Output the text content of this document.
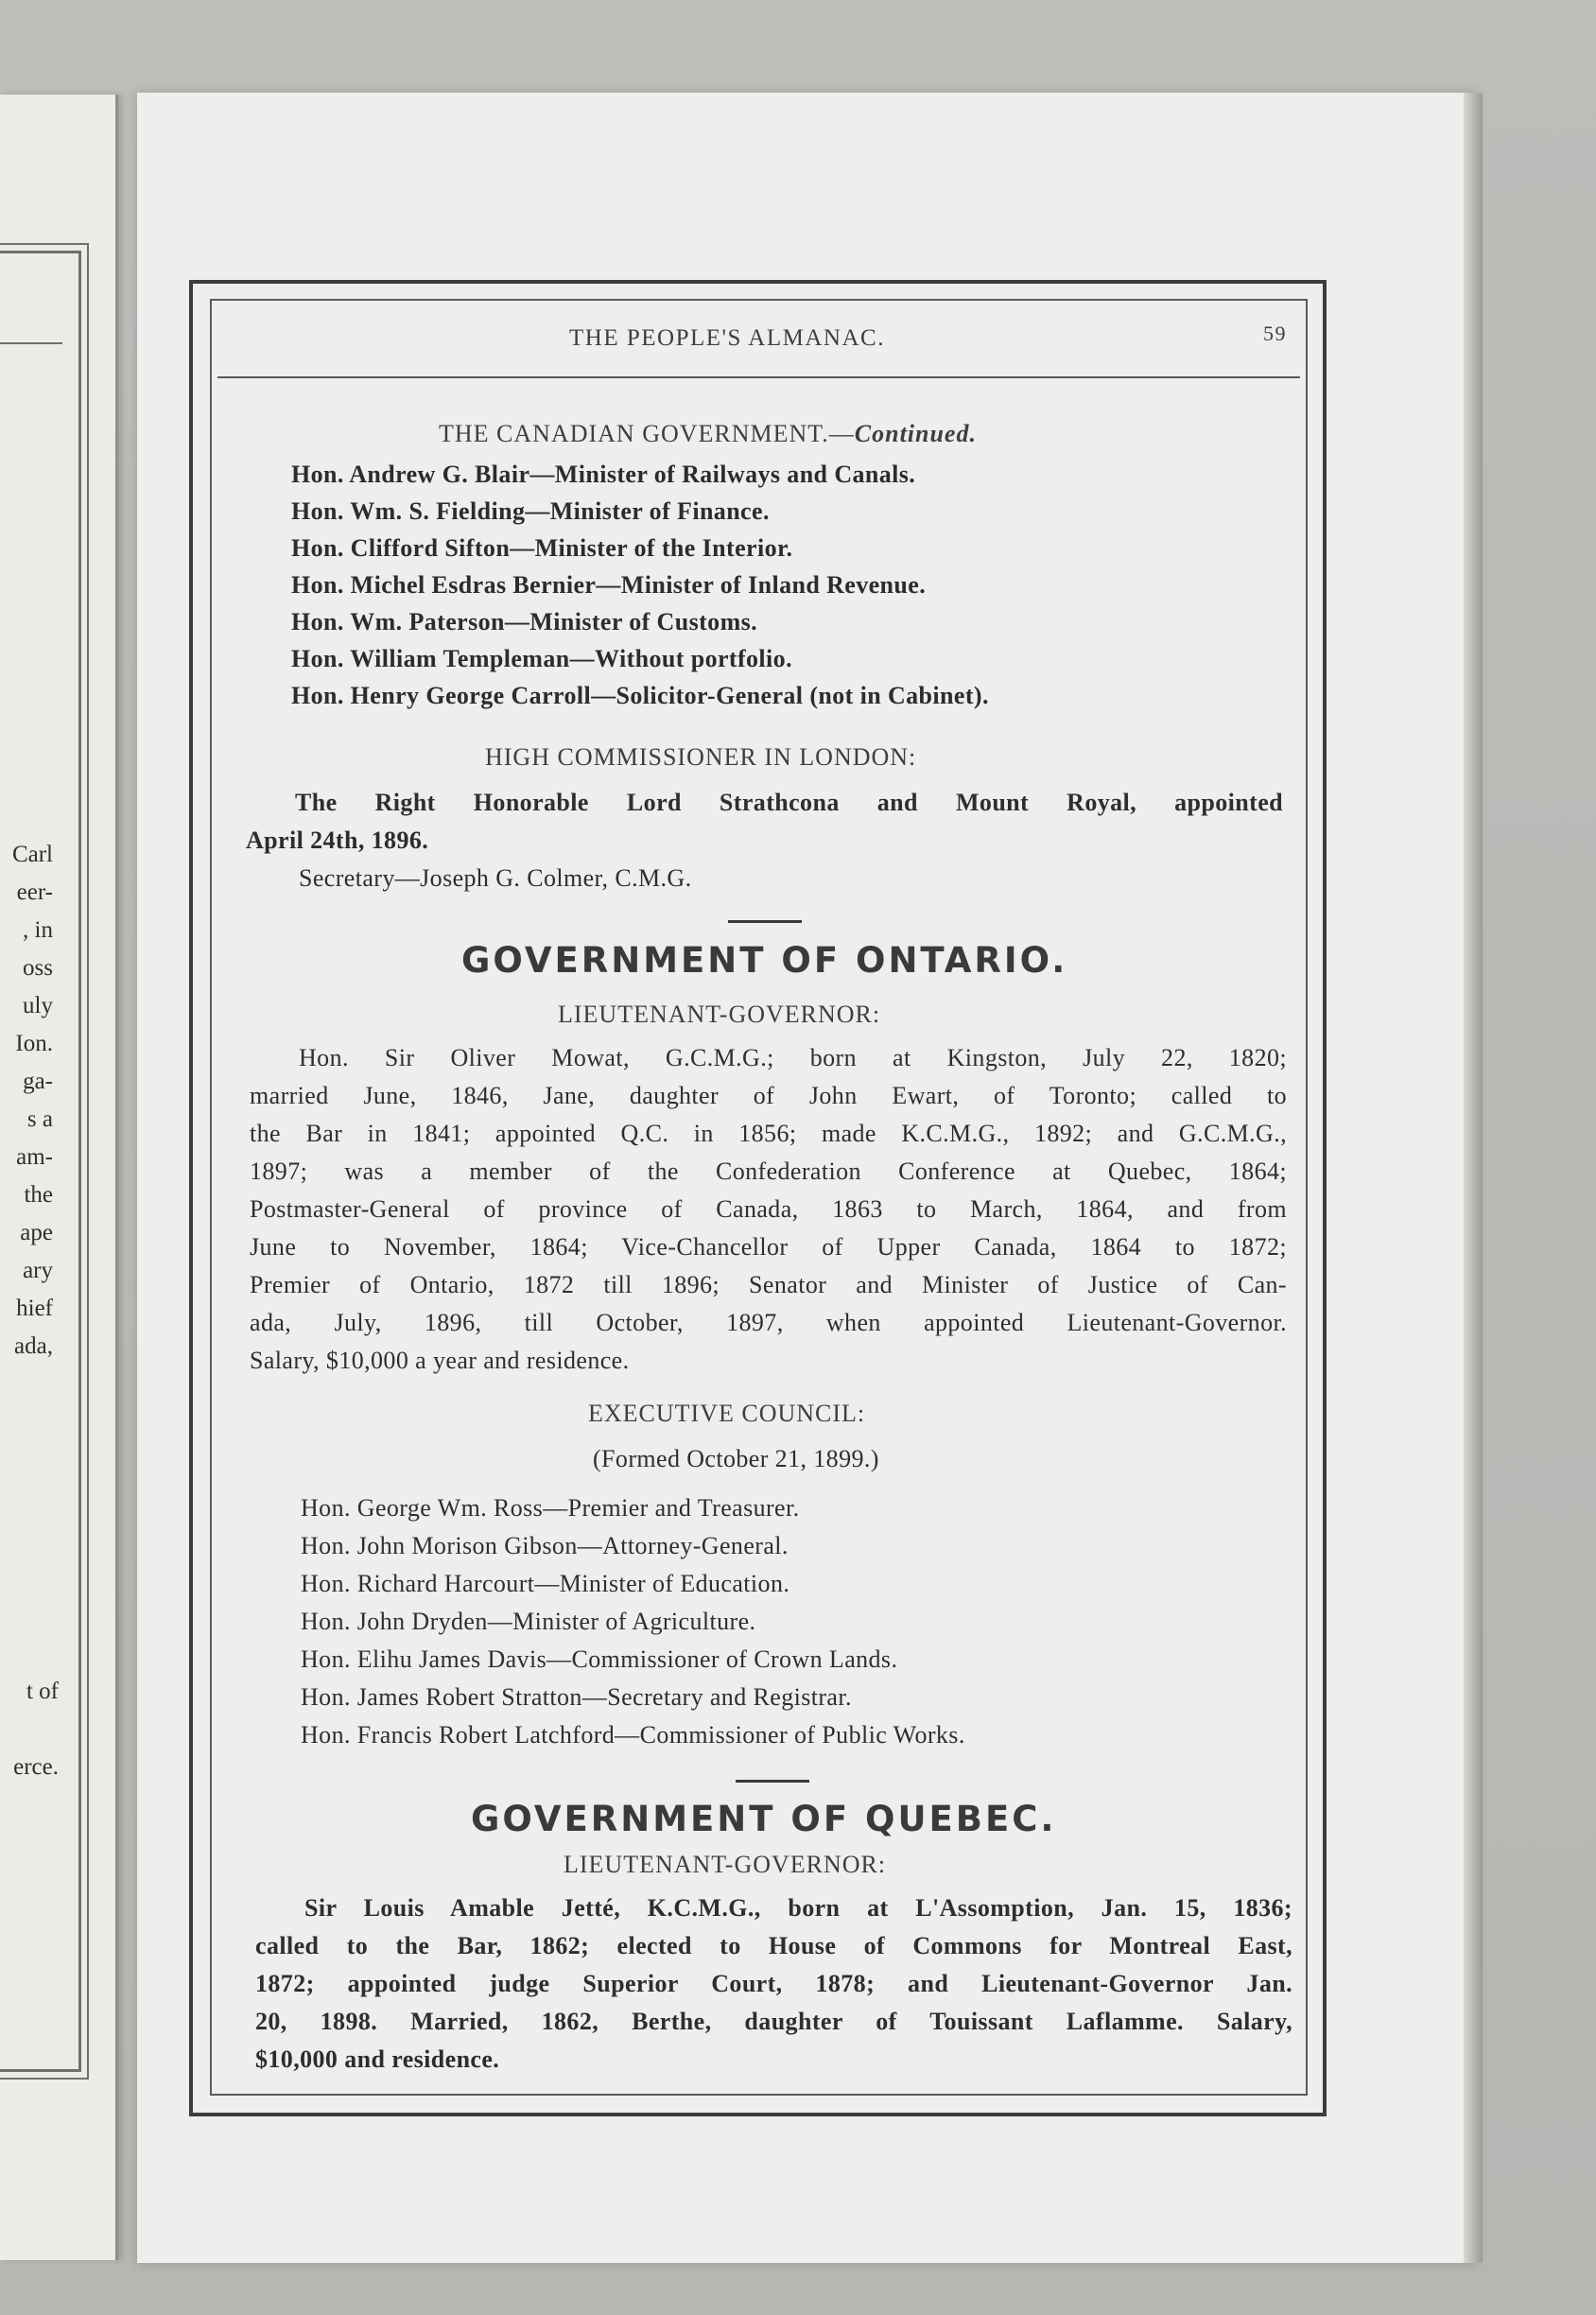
Carl
eer-
, in
oss
uly
Ion.
ga-
s a
am-
the
ape
ary
hief
ada,
t of
erce.
THE PEOPLE'S ALMANAC.	59
THE CANADIAN GOVERNMENT.—Continued.
Hon. Andrew G. Blair—Minister of Railways and Canals.
Hon. Wm. S. Fielding—Minister of Finance.
Hon. Clifford Sifton—Minister of the Interior.
Hon. Michel Esdras Bernier—Minister of Inland Revenue.
Hon. Wm. Paterson—Minister of Customs.
Hon. William Templeman—Without portfolio.
Hon. Henry George Carroll—Solicitor-General (not in Cabinet).
HIGH COMMISSIONER IN LONDON:
The Right Honorable Lord Strathcona and Mount Royal, appointed
April 24th, 1896.
Secretary—Joseph G. Colmer, C.M.G.
GOVERNMENT OF ONTARIO.
LIEUTENANT-GOVERNOR:
Hon. Sir Oliver Mowat, G.C.M.G.; born at Kingston, July 22, 1820;
married June, 1846, Jane, daughter of John Ewart, of Toronto; called to
the Bar in 1841; appointed Q.C. in 1856; made K.C.M.G., 1892; and G.C.M.G.,
1897; was a member of the Confederation Conference at Quebec, 1864;
Postmaster-General of province of Canada, 1863 to March, 1864, and from
June to November, 1864; Vice-Chancellor of Upper Canada, 1864 to 1872;
Premier of Ontario, 1872 till 1896; Senator and Minister of Justice of Can-
ada, July, 1896, till October, 1897, when appointed Lieutenant-Governor.
Salary, $10,000 a year and residence.
EXECUTIVE COUNCIL:
(Formed October 21, 1899.)
Hon. George Wm. Ross—Premier and Treasurer.
Hon. John Morison Gibson—Attorney-General.
Hon. Richard Harcourt—Minister of Education.
Hon. John Dryden—Minister of Agriculture.
Hon. Elihu James Davis—Commissioner of Crown Lands.
Hon. James Robert Stratton—Secretary and Registrar.
Hon. Francis Robert Latchford—Commissioner of Public Works.
GOVERNMENT OF QUEBEC.
LIEUTENANT-GOVERNOR:
Sir Louis Amable Jetté, K.C.M.G., born at L'Assomption, Jan. 15, 1836;
called to the Bar, 1862; elected to House of Commons for Montreal East,
1872; appointed judge Superior Court, 1878; and Lieutenant-Governor Jan.
20, 1898. Married, 1862, Berthe, daughter of Touissant Laflamme. Salary,
$10,000 and residence.
